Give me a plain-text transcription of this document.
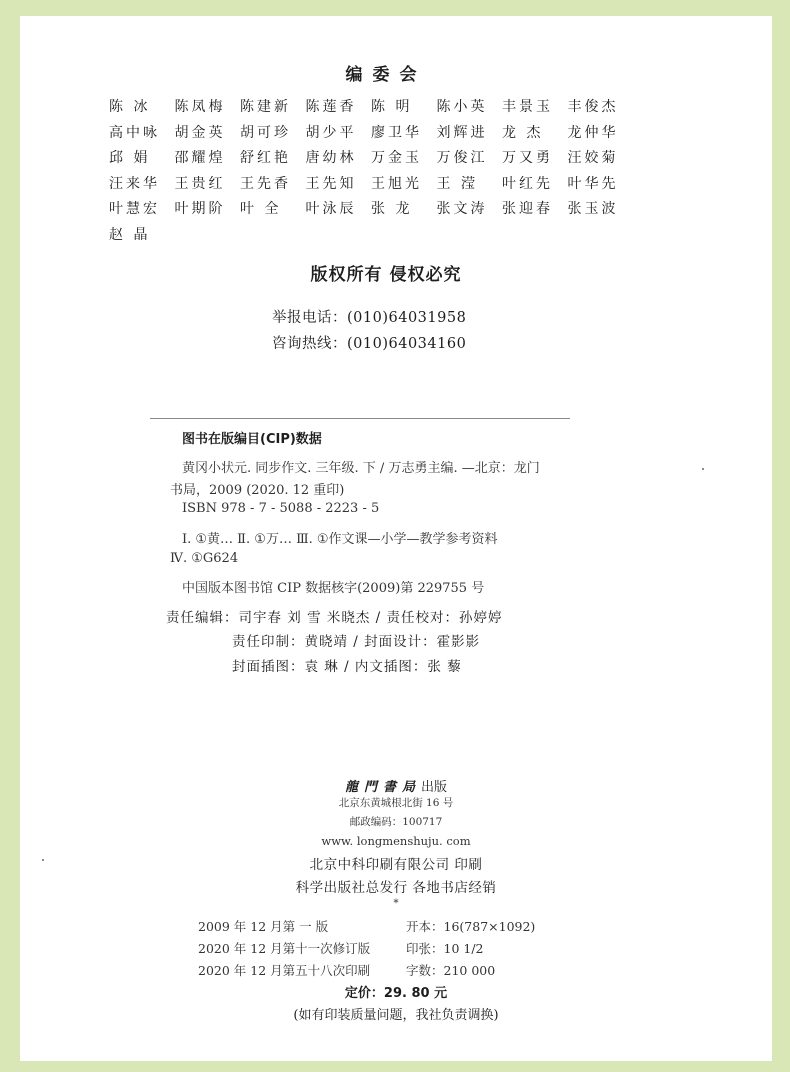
编委会
陈 冰	陈凤梅	陈建新	陈莲香	陈 明	陈小英	丰景玉	丰俊杰
高中咏	胡金英	胡可珍	胡少平	廖卫华	刘辉进	龙 杰	龙仲华
邱 娟	邵耀煌	舒红艳	唐幼林	万金玉	万俊江	万又勇	汪姣菊
汪来华	王贵红	王先香	王先知	王旭光	王 滢	叶红先	叶华先
叶慧宏	叶期阶	叶 全	叶泳辰	张 龙	张文涛	张迎春	张玉波
赵 晶
版权所有 侵权必究
举报电话：(010)64031958
咨询热线：(010)64034160
图书在版编目(CIP)数据
黄冈小状元. 同步作文. 三年级. 下 / 万志勇主编. —北京：龙门
书局，2009 (2020. 12 重印)
ISBN 978 - 7 - 5088 - 2223 - 5
Ⅰ. ①黄… Ⅱ. ①万… Ⅲ. ①作文课—小学—教学参考资料
Ⅳ. ①G624
中国版本图书馆 CIP 数据核字(2009)第 229755 号
责任编辑：司宇春 刘 雪 米晓杰 / 责任校对：孙婷婷
责任印制：黄晓靖 / 封面设计：霍影影
封面插图：袁 琳 / 内文插图：张 藜
龍門書局出版
北京东黄城根北街 16 号
邮政编码：100717
www. longmenshuju. com
北京中科印刷有限公司 印刷
科学出版社总发行 各地书店经销
*
2009 年 12 月第 一 版	开本：16(787×1092)
2020 年 12 月第十一次修订版	印张：10 1/2
2020 年 12 月第五十八次印刷	字数：210 000
定价：29. 80 元
(如有印装质量问题，我社负责调换)
